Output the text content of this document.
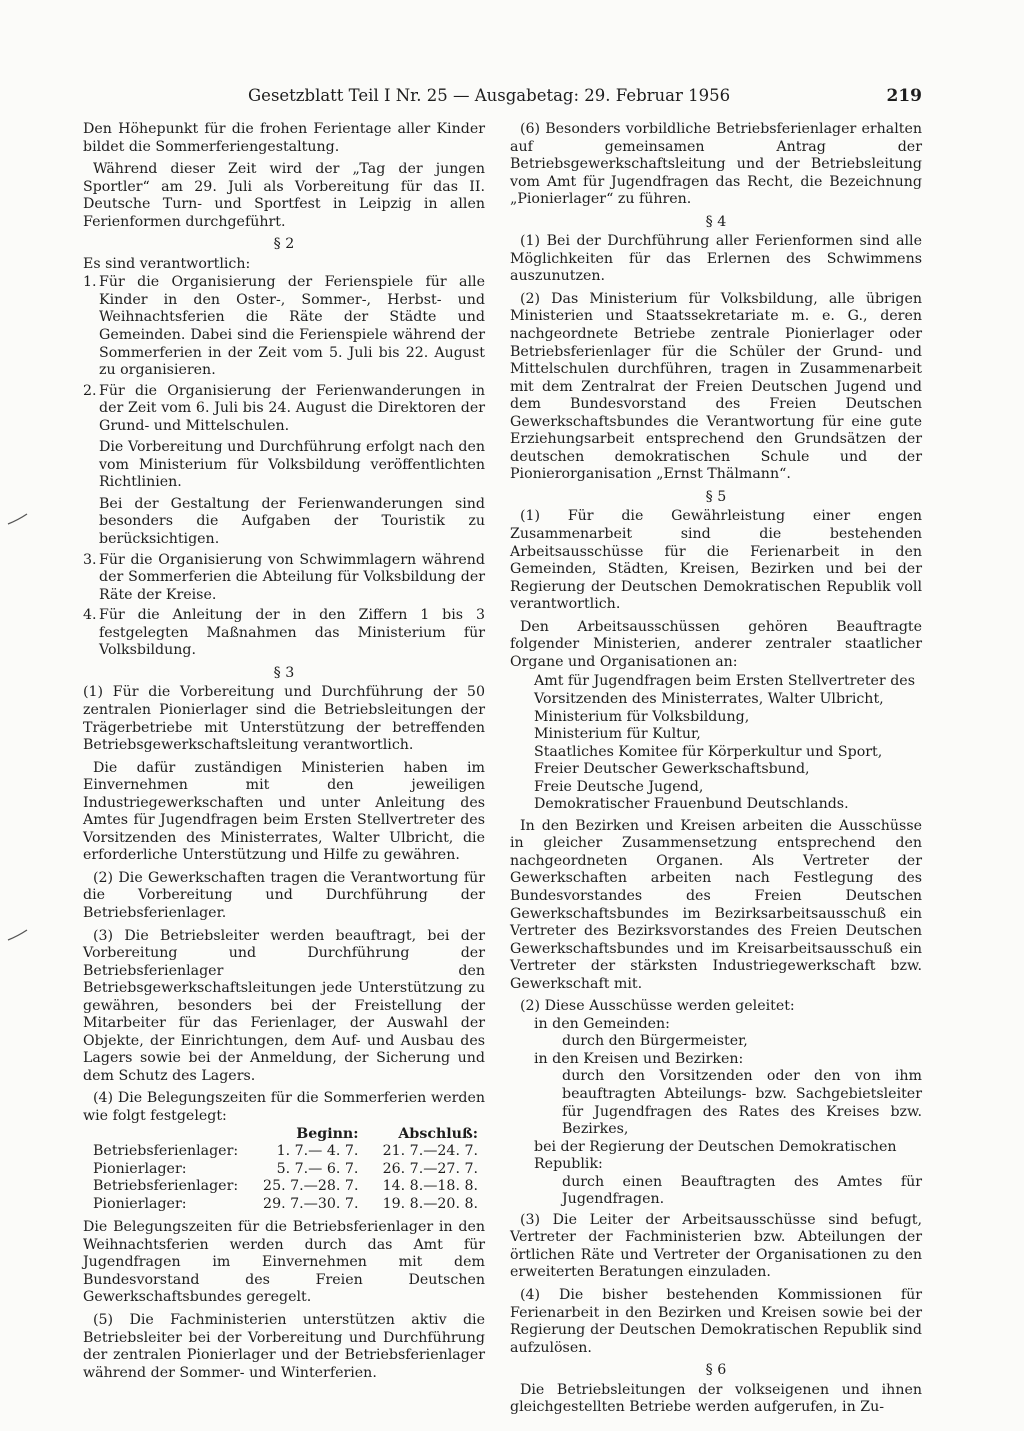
Gesetzblatt Teil I Nr. 25 — Ausgabetag: 29. Februar 1956	219

Den Höhepunkt für die frohen Ferientage aller Kinder bildet die Sommerferiengestaltung.

Während dieser Zeit wird der „Tag der jungen Sportler“ am 29. Juli als Vorbereitung für das II. Deutsche Turn- und Sportfest in Leipzig in allen Ferienformen durchgeführt.

§ 2

Es sind verantwortlich:

1. Für die Organisierung der Ferienspiele für alle Kinder in den Oster-, Sommer-, Herbst- und Weihnachtsferien die Räte der Städte und Gemeinden. Dabei sind die Ferienspiele während der Sommerferien in der Zeit vom 5. Juli bis 22. August zu organisieren.

2. Für die Organisierung der Ferienwanderungen in der Zeit vom 6. Juli bis 24. August die Direktoren der Grund- und Mittelschulen.

Die Vorbereitung und Durchführung erfolgt nach den vom Ministerium für Volksbildung veröffentlichten Richtlinien.

Bei der Gestaltung der Ferienwanderungen sind besonders die Aufgaben der Touristik zu berücksichtigen.

3. Für die Organisierung von Schwimmlagern während der Sommerferien die Abteilung für Volksbildung der Räte der Kreise.

4. Für die Anleitung der in den Ziffern 1 bis 3 festgelegten Maßnahmen das Ministerium für Volksbildung.

§ 3

(1) Für die Vorbereitung und Durchführung der 50 zentralen Pionierlager sind die Betriebsleitungen der Trägerbetriebe mit Unterstützung der betreffenden Betriebsgewerkschaftsleitung verantwortlich.

Die dafür zuständigen Ministerien haben im Einvernehmen mit den jeweiligen Industriegewerkschaften und unter Anleitung des Amtes für Jugendfragen beim Ersten Stellvertreter des Vorsitzenden des Ministerrates, Walter Ulbricht, die erforderliche Unterstützung und Hilfe zu gewähren.

(2) Die Gewerkschaften tragen die Verantwortung für die Vorbereitung und Durchführung der Betriebsferienlager.

(3) Die Betriebsleiter werden beauftragt, bei der Vorbereitung und Durchführung der Betriebsferienlager den Betriebsgewerkschaftsleitungen jede Unterstützung zu gewähren, besonders bei der Freistellung der Mitarbeiter für das Ferienlager, der Auswahl der Objekte, der Einrichtungen, dem Auf- und Ausbau des Lagers sowie bei der Anmeldung, der Sicherung und dem Schutz des Lagers.

(4) Die Belegungszeiten für die Sommerferien werden wie folgt festgelegt:

	Beginn:	Abschluß:
Betriebsferienlager:	1. 7.— 4. 7.	21. 7.—24. 7.
Pionierlager:	5. 7.— 6. 7.	26. 7.—27. 7.
Betriebsferienlager:	25. 7.—28. 7.	14. 8.—18. 8.
Pionierlager:	29. 7.—30. 7.	19. 8.—20. 8.

Die Belegungszeiten für die Betriebsferienlager in den Weihnachtsferien werden durch das Amt für Jugendfragen im Einvernehmen mit dem Bundesvorstand des Freien Deutschen Gewerkschaftsbundes geregelt.

(5) Die Fachministerien unterstützen aktiv die Betriebsleiter bei der Vorbereitung und Durchführung der zentralen Pionierlager und der Betriebsferienlager während der Sommer- und Winterferien.

(6) Besonders vorbildliche Betriebsferienlager erhalten auf gemeinsamen Antrag der Betriebsgewerkschaftsleitung und der Betriebsleitung vom Amt für Jugendfragen das Recht, die Bezeichnung „Pionierlager“ zu führen.

§ 4

(1) Bei der Durchführung aller Ferienformen sind alle Möglichkeiten für das Erlernen des Schwimmens auszunutzen.

(2) Das Ministerium für Volksbildung, alle übrigen Ministerien und Staatssekretariate m. e. G., deren nachgeordnete Betriebe zentrale Pionierlager oder Betriebsferienlager für die Schüler der Grund- und Mittelschulen durchführen, tragen in Zusammenarbeit mit dem Zentralrat der Freien Deutschen Jugend und dem Bundesvorstand des Freien Deutschen Gewerkschaftsbundes die Verantwortung für eine gute Erziehungsarbeit entsprechend den Grundsätzen der deutschen demokratischen Schule und der Pionierorganisation „Ernst Thälmann“.

§ 5

(1) Für die Gewährleistung einer engen Zusammenarbeit sind die bestehenden Arbeitsausschüsse für die Ferienarbeit in den Gemeinden, Städten, Kreisen, Bezirken und bei der Regierung der Deutschen Demokratischen Republik voll verantwortlich.

Den Arbeitsausschüssen gehören Beauftragte folgender Ministerien, anderer zentraler staatlicher Organe und Organisationen an:

Amt für Jugendfragen beim Ersten Stellvertreter des Vorsitzenden des Ministerrates, Walter Ulbricht,
Ministerium für Volksbildung,
Ministerium für Kultur,
Staatliches Komitee für Körperkultur und Sport,
Freier Deutscher Gewerkschaftsbund,
Freie Deutsche Jugend,
Demokratischer Frauenbund Deutschlands.

In den Bezirken und Kreisen arbeiten die Ausschüsse in gleicher Zusammensetzung entsprechend den nachgeordneten Organen. Als Vertreter der Gewerkschaften arbeiten nach Festlegung des Bundesvorstandes des Freien Deutschen Gewerkschaftsbundes im Bezirksarbeitsausschuß ein Vertreter des Bezirksvorstandes des Freien Deutschen Gewerkschaftsbundes und im Kreisarbeitsausschuß ein Vertreter der stärksten Industriegewerkschaft bzw. Gewerkschaft mit.

(2) Diese Ausschüsse werden geleitet:

in den Gemeinden:
durch den Bürgermeister,
in den Kreisen und Bezirken:
durch den Vorsitzenden oder den von ihm beauftragten Abteilungs- bzw. Sachgebietsleiter für Jugendfragen des Rates des Kreises bzw. Bezirkes,
bei der Regierung der Deutschen Demokratischen Republik:
durch einen Beauftragten des Amtes für Jugendfragen.

(3) Die Leiter der Arbeitsausschüsse sind befugt, Vertreter der Fachministerien bzw. Abteilungen der örtlichen Räte und Vertreter der Organisationen zu den erweiterten Beratungen einzuladen.

(4) Die bisher bestehenden Kommissionen für Ferienarbeit in den Bezirken und Kreisen sowie bei der Regierung der Deutschen Demokratischen Republik sind aufzulösen.

§ 6

Die Betriebsleitungen der volkseigenen und ihnen gleichgestellten Betriebe werden aufgerufen, in Zu-
